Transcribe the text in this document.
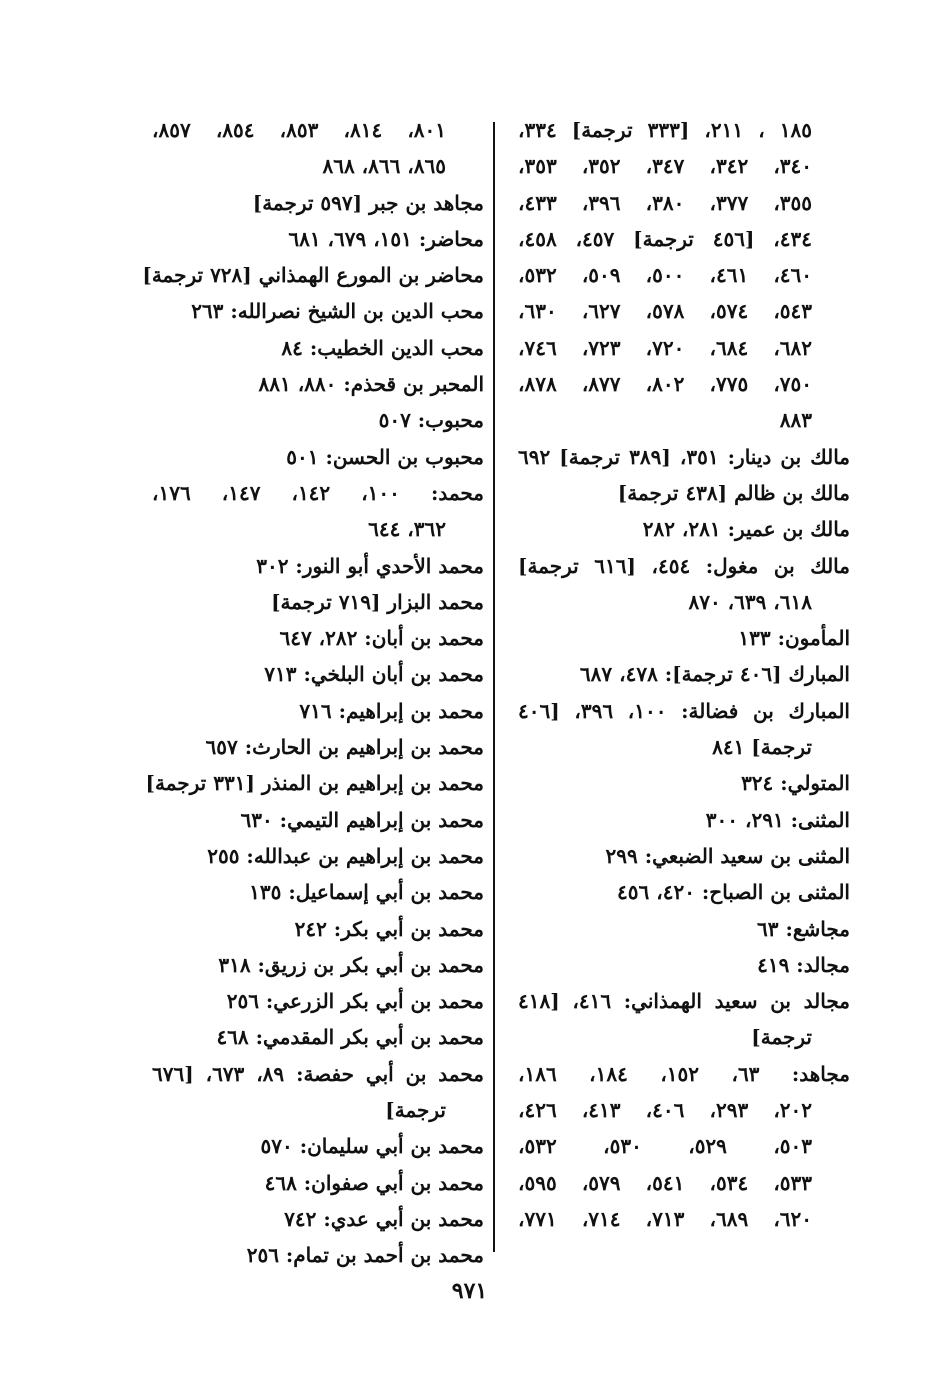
١٨٥ ، ٢١١، [٣٣٣ ترجمة] ٣٣٤،
٣٤٠، ٣٤٢، ٣٤٧، ٣٥٢، ٣٥٣،
٣٥٥، ٣٧٧، ٣٨٠، ٣٩٦، ٤٣٣،
٤٣٤، [٤٥٦ ترجمة] ٤٥٧، ٤٥٨،
٤٦٠، ٤٦١، ٥٠٠، ٥٠٩، ٥٣٢،
٥٤٣، ٥٧٤، ٥٧٨، ٦٢٧، ٦٣٠،
٦٨٢، ٦٨٤، ٧٢٠، ٧٢٣، ٧٤٦،
٧٥٠، ٧٧٥، ٨٠٢، ٨٧٧، ٨٧٨،
٨٨٣
مالك بن دينار: ٣٥١، [٣٨٩ ترجمة] ٦٩٢
مالك بن ظالم [٤٣٨ ترجمة]
مالك بن عمير: ٢٨١، ٢٨٢
مالك بن مغول: ٤٥٤، [٦١٦ ترجمة]
٦١٨، ٦٣٩، ٨٧٠
المأمون: ١٣٣
المبارك [٤٠٦ ترجمة]: ٤٧٨، ٦٨٧
المبارك بن فضالة: ١٠٠، ٣٩٦، [٤٠٦
ترجمة] ٨٤١
المتولي: ٣٢٤
المثنى: ٢٩١، ٣٠٠
المثنى بن سعيد الضبعي: ٢٩٩
المثنى بن الصباح: ٤٢٠، ٤٥٦
مجاشع: ٦٣
مجالد: ٤١٩
مجالد بن سعيد الهمذاني: ٤١٦، [٤١٨
ترجمة]
مجاهد: ٦٣، ١٥٢، ١٨٤، ١٨٦،
٢٠٢، ٢٩٣، ٤٠٦، ٤١٣، ٤٢٦،
٥٠٣، ٥٢٩، ٥٣٠، ٥٣٢،
٥٣٣، ٥٣٤، ٥٤١، ٥٧٩، ٥٩٥،
٦٢٠، ٦٨٩، ٧١٣، ٧١٤، ٧٧١،
٨٠١، ٨١٤، ٨٥٣، ٨٥٤، ٨٥٧،
٨٦٥، ٨٦٦، ٨٦٨
مجاهد بن جبر [٥٩٧ ترجمة]
محاضر: ١٥١، ٦٧٩، ٦٨١
محاضر بن المورع الهمذاني [٧٢٨ ترجمة]
محب الدين بن الشيخ نصرالله: ٢٦٣
محب الدين الخطيب: ٨٤
المحبر بن قحذم: ٨٨٠، ٨٨١
محبوب: ٥٠٧
محبوب بن الحسن: ٥٠١
محمد: ١٠٠، ١٤٢، ١٤٧، ١٧٦،
٣٦٢، ٦٤٤
محمد الأحدي أبو النور: ٣٠٢
محمد البزار [٧١٩ ترجمة]
محمد بن أبان: ٢٨٢، ٦٤٧
محمد بن أبان البلخي: ٧١٣
محمد بن إبراهيم: ٧١٦
محمد بن إبراهيم بن الحارث: ٦٥٧
محمد بن إبراهيم بن المنذر [٣٣١ ترجمة]
محمد بن إبراهيم التيمي: ٦٣٠
محمد بن إبراهيم بن عبدالله: ٢٥٥
محمد بن أبي إسماعيل: ١٣٥
محمد بن أبي بكر: ٢٤٢
محمد بن أبي بكر بن زريق: ٣١٨
محمد بن أبي بكر الزرعي: ٢٥٦
محمد بن أبي بكر المقدمي: ٤٦٨
محمد بن أبي حفصة: ٨٩، ٦٧٣، [٦٧٦
ترجمة]
محمد بن أبي سليمان: ٥٧٠
محمد بن أبي صفوان: ٤٦٨
محمد بن أبي عدي: ٧٤٢
محمد بن أحمد بن تمام: ٢٥٦
٩٧١
